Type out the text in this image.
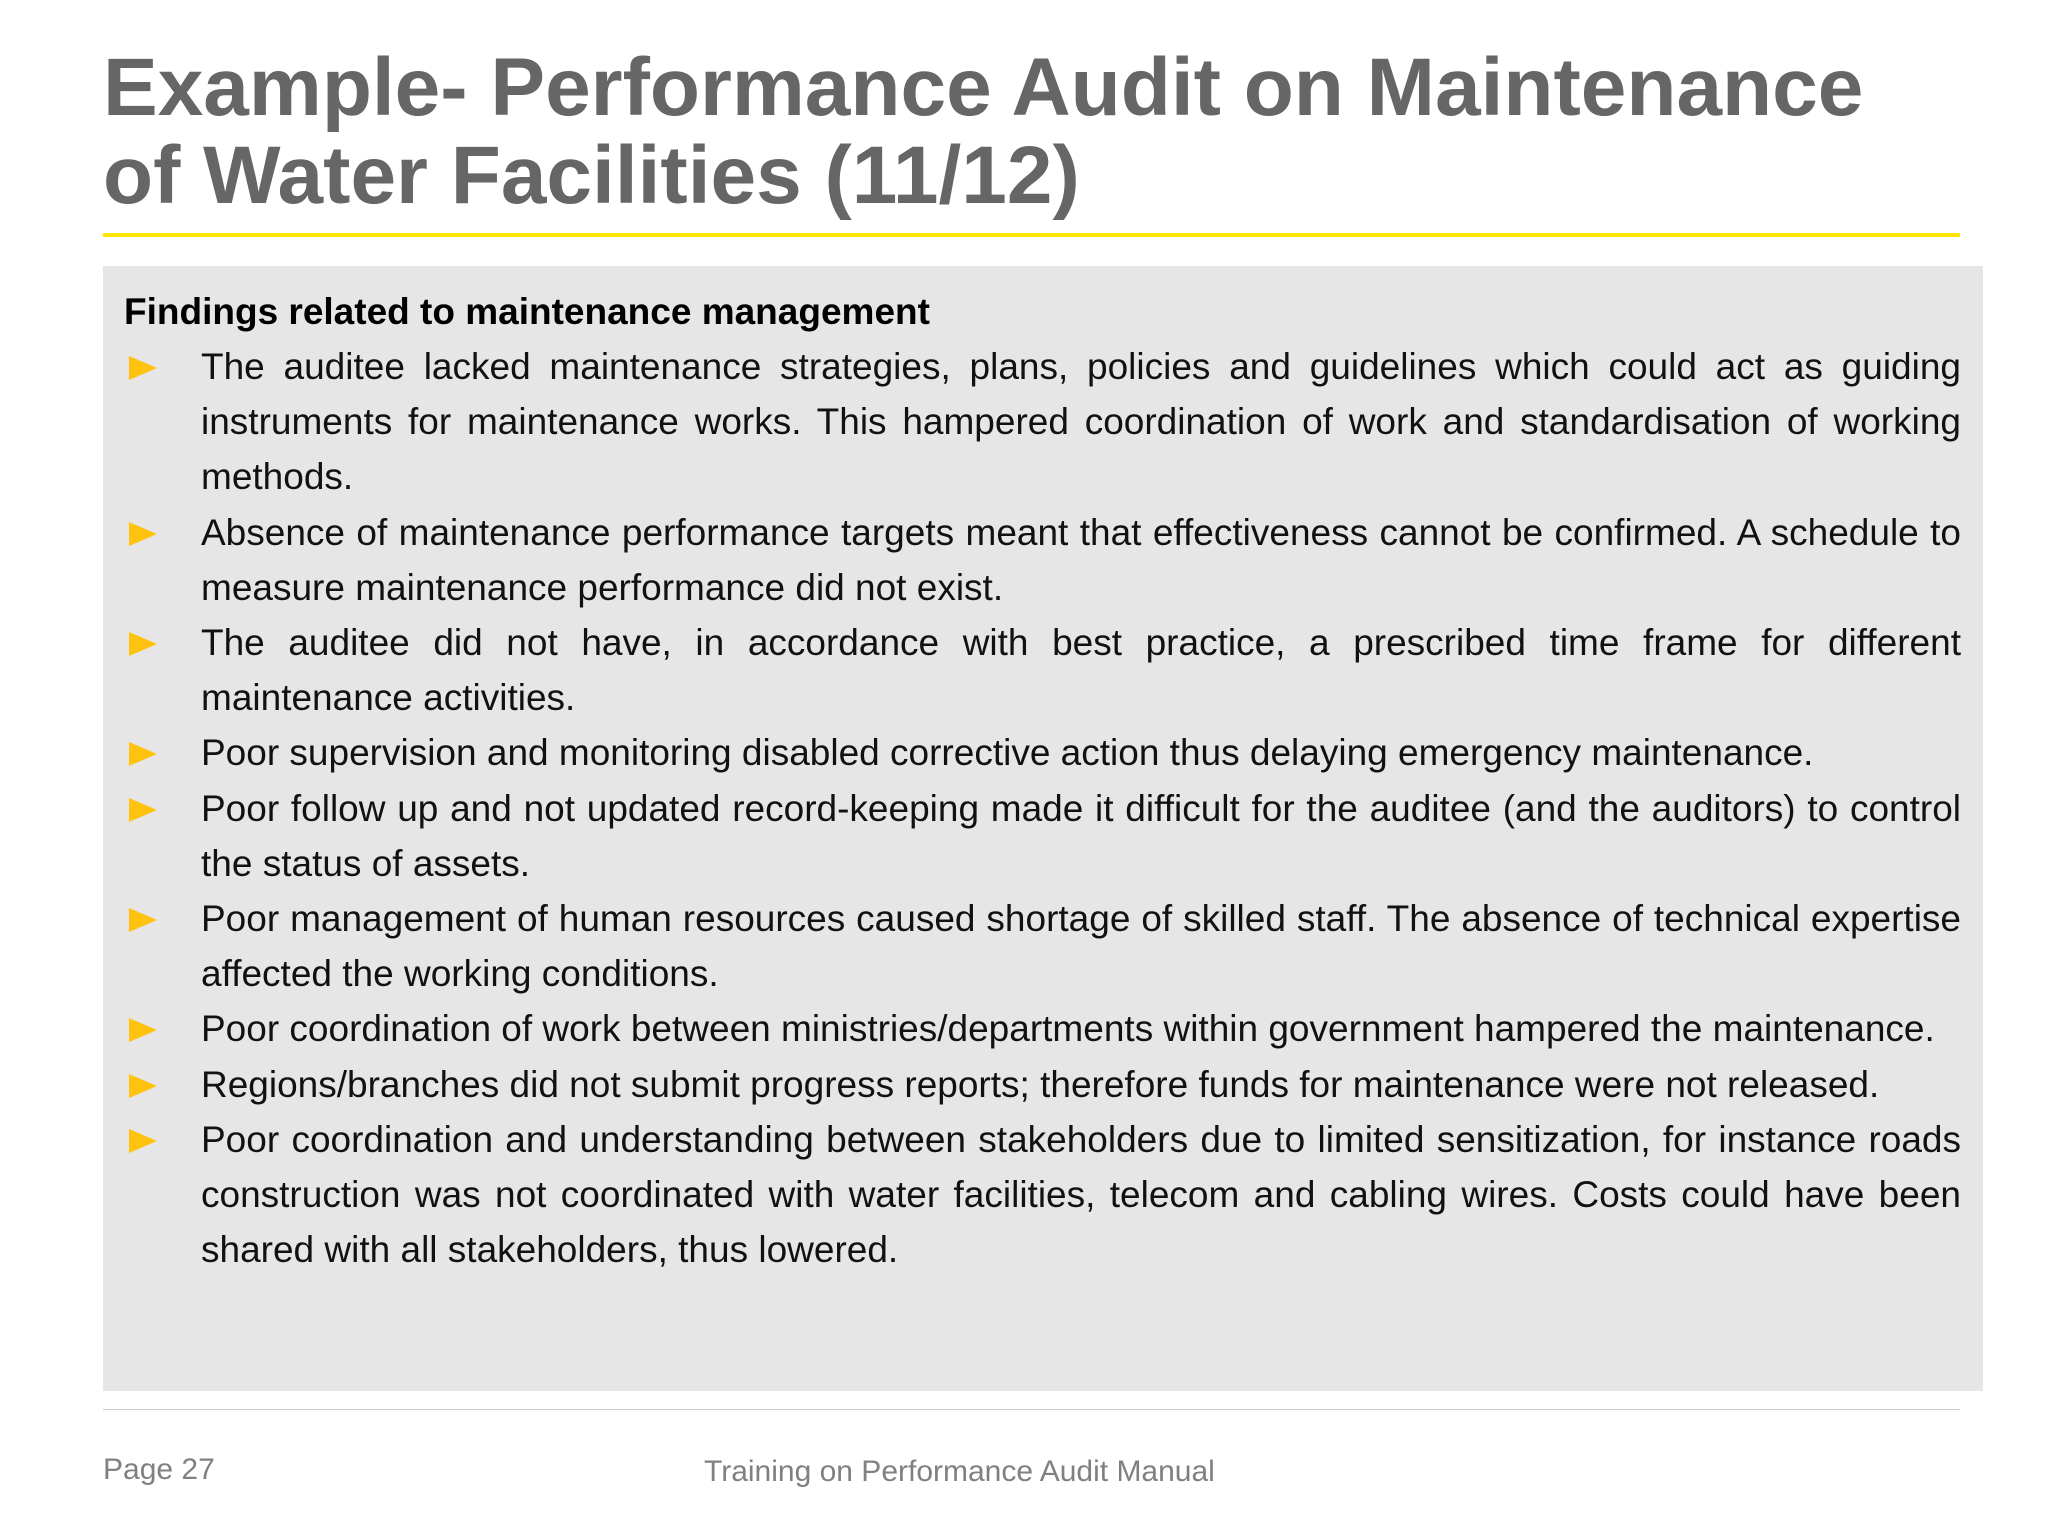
Example- Performance Audit on Maintenance of Water Facilities (11/12)

Findings related to maintenance management

The auditee lacked maintenance strategies, plans, policies and guidelines which could act as guiding instruments for maintenance works. This hampered coordination of work and standardisation of working methods.
Absence of maintenance performance targets meant that effectiveness cannot be confirmed. A schedule to measure maintenance performance did not exist.
The auditee did not have, in accordance with best practice, a prescribed time frame for different maintenance activities.
Poor supervision and monitoring disabled corrective action thus delaying emergency maintenance.
Poor follow up and not updated record-keeping made it difficult for the auditee (and the auditors) to control the status of assets.
Poor management of human resources caused shortage of skilled staff. The absence of technical expertise affected the working conditions.
Poor coordination of work between ministries/departments within government hampered the maintenance.
Regions/branches did not submit progress reports; therefore funds for maintenance were not released.
Poor coordination and understanding between stakeholders due to limited sensitization, for instance roads construction was not coordinated with water facilities, telecom and cabling wires. Costs could have been shared with all stakeholders, thus lowered.
Page 27	Training on Performance Audit Manual
